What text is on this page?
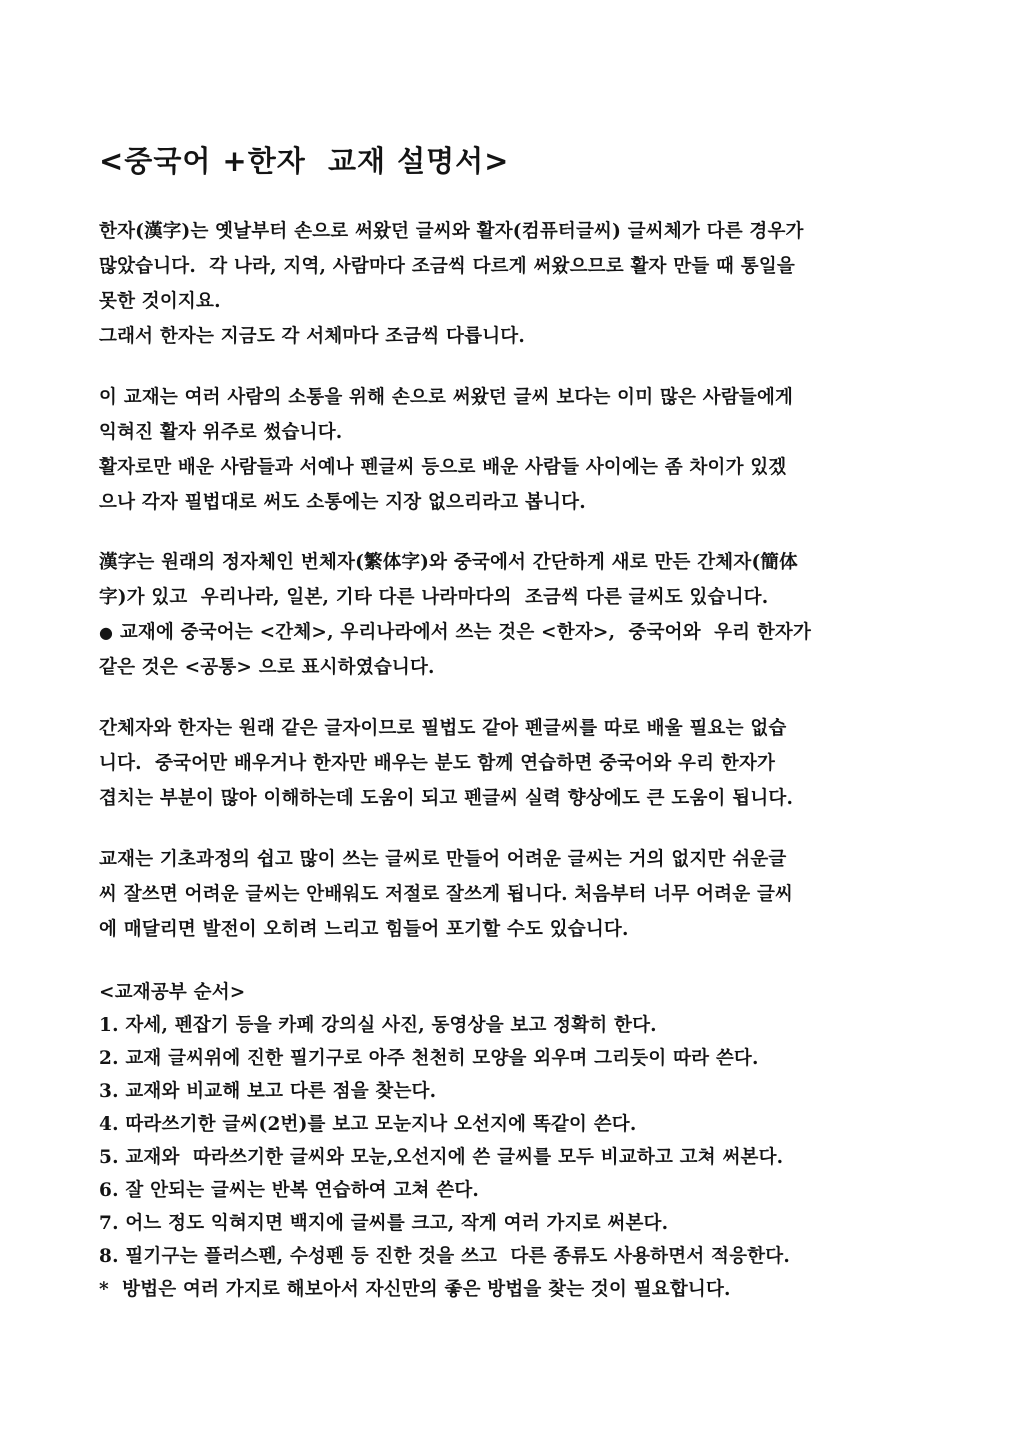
<중국어 +한자  교재 설명서>
한자(漢字)는 옛날부터 손으로 써왔던 글씨와 활자(컴퓨터글씨) 글씨체가 다른 경우가
많았습니다.  각 나라, 지역, 사람마다 조금씩 다르게 써왔으므로 활자 만들 때 통일을
못한 것이지요.
그래서 한자는 지금도 각 서체마다 조금씩 다릅니다.
이 교재는 여러 사람의 소통을 위해 손으로 써왔던 글씨 보다는 이미 많은 사람들에게
익혀진 활자 위주로 썼습니다.
활자로만 배운 사람들과 서예나 펜글씨 등으로 배운 사람들 사이에는 좀 차이가 있겠
으나 각자 필법대로 써도 소통에는 지장 없으리라고 봅니다.
漢字는 원래의 정자체인 번체자(繁体字)와 중국에서 간단하게 새로 만든 간체자(簡体
字)가 있고  우리나라, 일본, 기타 다른 나라마다의  조금씩 다른 글씨도 있습니다.
● 교재에 중국어는 <간체>, 우리나라에서 쓰는 것은 <한자>,  중국어와  우리 한자가
같은 것은 <공통> 으로 표시하였습니다.
간체자와 한자는 원래 같은 글자이므로 필법도 같아 펜글씨를 따로 배울 필요는 없습
니다.  중국어만 배우거나 한자만 배우는 분도 함께 연습하면 중국어와 우리 한자가
겹치는 부분이 많아 이해하는데 도움이 되고 펜글씨 실력 향상에도 큰 도움이 됩니다.
교재는 기초과정의 쉽고 많이 쓰는 글씨로 만들어 어려운 글씨는 거의 없지만 쉬운글
씨 잘쓰면 어려운 글씨는 안배워도 저절로 잘쓰게 됩니다. 처음부터 너무 어려운 글씨
에 매달리면 발전이 오히려 느리고 힘들어 포기할 수도 있습니다.
<교재공부 순서>
1. 자세, 펜잡기 등을 카페 강의실 사진, 동영상을 보고 정확히 한다.
2. 교재 글씨위에 진한 필기구로 아주 천천히 모양을 외우며 그리듯이 따라 쓴다.
3. 교재와 비교해 보고 다른 점을 찾는다.
4. 따라쓰기한 글씨(2번)를 보고 모눈지나 오선지에 똑같이 쓴다.
5. 교재와  따라쓰기한 글씨와 모눈,오선지에 쓴 글씨를 모두 비교하고 고쳐 써본다.
6. 잘 안되는 글씨는 반복 연습하여 고쳐 쓴다.
7. 어느 정도 익혀지면 백지에 글씨를 크고, 작게 여러 가지로 써본다.
8. 필기구는 플러스펜, 수성펜 등 진한 것을 쓰고  다른 종류도 사용하면서 적응한다.
*  방법은 여러 가지로 해보아서 자신만의 좋은 방법을 찾는 것이 필요합니다.
